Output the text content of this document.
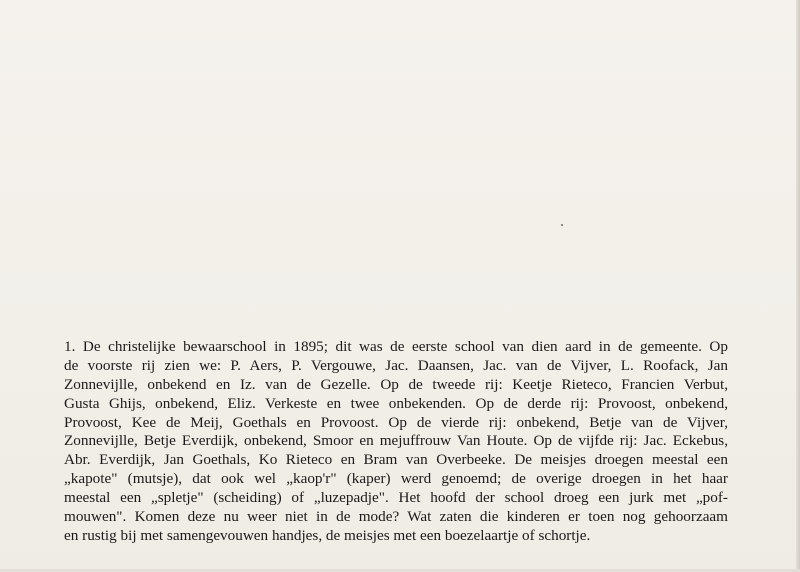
1. De christelijke bewaarschool in 1895; dit was de eerste school van dien aard in de gemeente. Op
de voorste rij zien we: P. Aers, P. Vergouwe, Jac. Daansen, Jac. van de Vijver, L. Roofack, Jan
Zonnevijlle, onbekend en Iz. van de Gezelle. Op de tweede rij: Keetje Rieteco, Francien Verbut,
Gusta Ghijs, onbekend, Eliz. Verkeste en twee onbekenden. Op de derde rij: Provoost, onbekend,
Provoost, Kee de Meij, Goethals en Provoost. Op de vierde rij: onbekend, Betje van de Vijver,
Zonnevijlle, Betje Everdijk, onbekend, Smoor en mejuffrouw Van Houte. Op de vijfde rij: Jac. Eckebus,
Abr. Everdijk, Jan Goethals, Ko Rieteco en Bram van Overbeeke. De meisjes droegen meestal een
„kapote" (mutsje), dat ook wel „kaop'r" (kaper) werd genoemd; de overige droegen in het haar
meestal een „spletje" (scheiding) of „luzepadje". Het hoofd der school droeg een jurk met „pof-
mouwen". Komen deze nu weer niet in de mode? Wat zaten die kinderen er toen nog gehoorzaam
en rustig bij met samengevouwen handjes, de meisjes met een boezelaartje of schortje.
